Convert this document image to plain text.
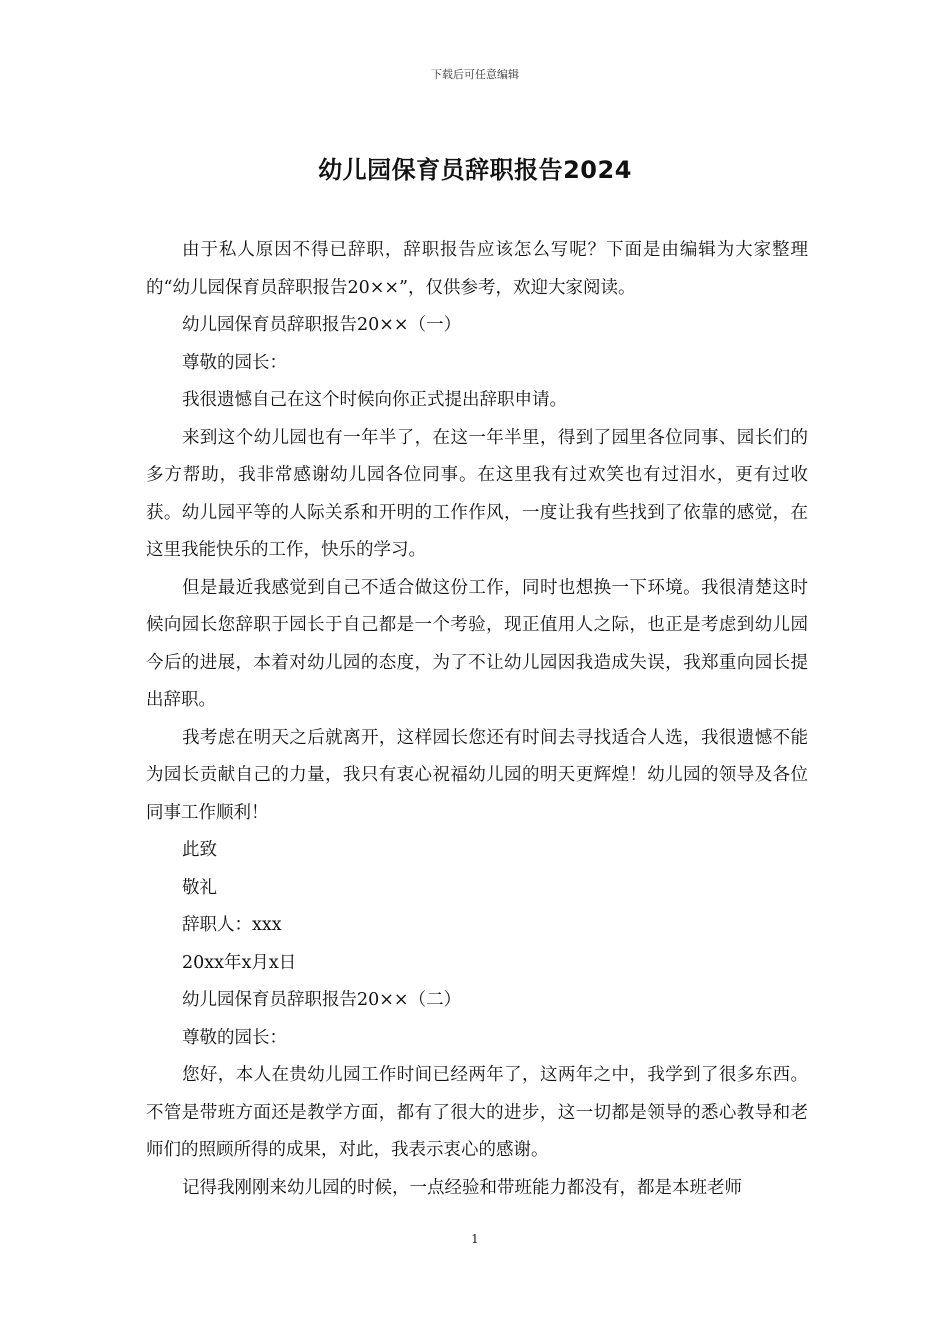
下载后可任意编辑
幼儿园保育员辞职报告2024

由于私人原因不得已辞职，辞职报告应该怎么写呢？下面是由编辑为大家整理的“幼儿园保育员辞职报告20××”，仅供参考，欢迎大家阅读。

幼儿园保育员辞职报告20××（一）

尊敬的园长：

我很遗憾自己在这个时候向你正式提出辞职申请。

来到这个幼儿园也有一年半了，在这一年半里，得到了园里各位同事、园长们的多方帮助，我非常感谢幼儿园各位同事。在这里我有过欢笑也有过泪水，更有过收获。幼儿园平等的人际关系和开明的工作作风，一度让我有些找到了依靠的感觉，在这里我能快乐的工作，快乐的学习。

但是最近我感觉到自己不适合做这份工作，同时也想换一下环境。我很清楚这时候向园长您辞职于园长于自己都是一个考验，现正值用人之际，也正是考虑到幼儿园今后的进展，本着对幼儿园的态度，为了不让幼儿园因我造成失误，我郑重向园长提出辞职。

我考虑在明天之后就离开，这样园长您还有时间去寻找适合人选，我很遗憾不能为园长贡献自己的力量，我只有衷心祝福幼儿园的明天更辉煌！幼儿园的领导及各位同事工作顺利！

此致

敬礼

辞职人：xxx

20xx年x月x日

幼儿园保育员辞职报告20××（二）

尊敬的园长：

您好，本人在贵幼儿园工作时间已经两年了，这两年之中，我学到了很多东西。不管是带班方面还是教学方面，都有了很大的进步，这一切都是领导的悉心教导和老师们的照顾所得的成果，对此，我表示衷心的感谢。

记得我刚刚来幼儿园的时候，一点经验和带班能力都没有，都是本班老师

1
